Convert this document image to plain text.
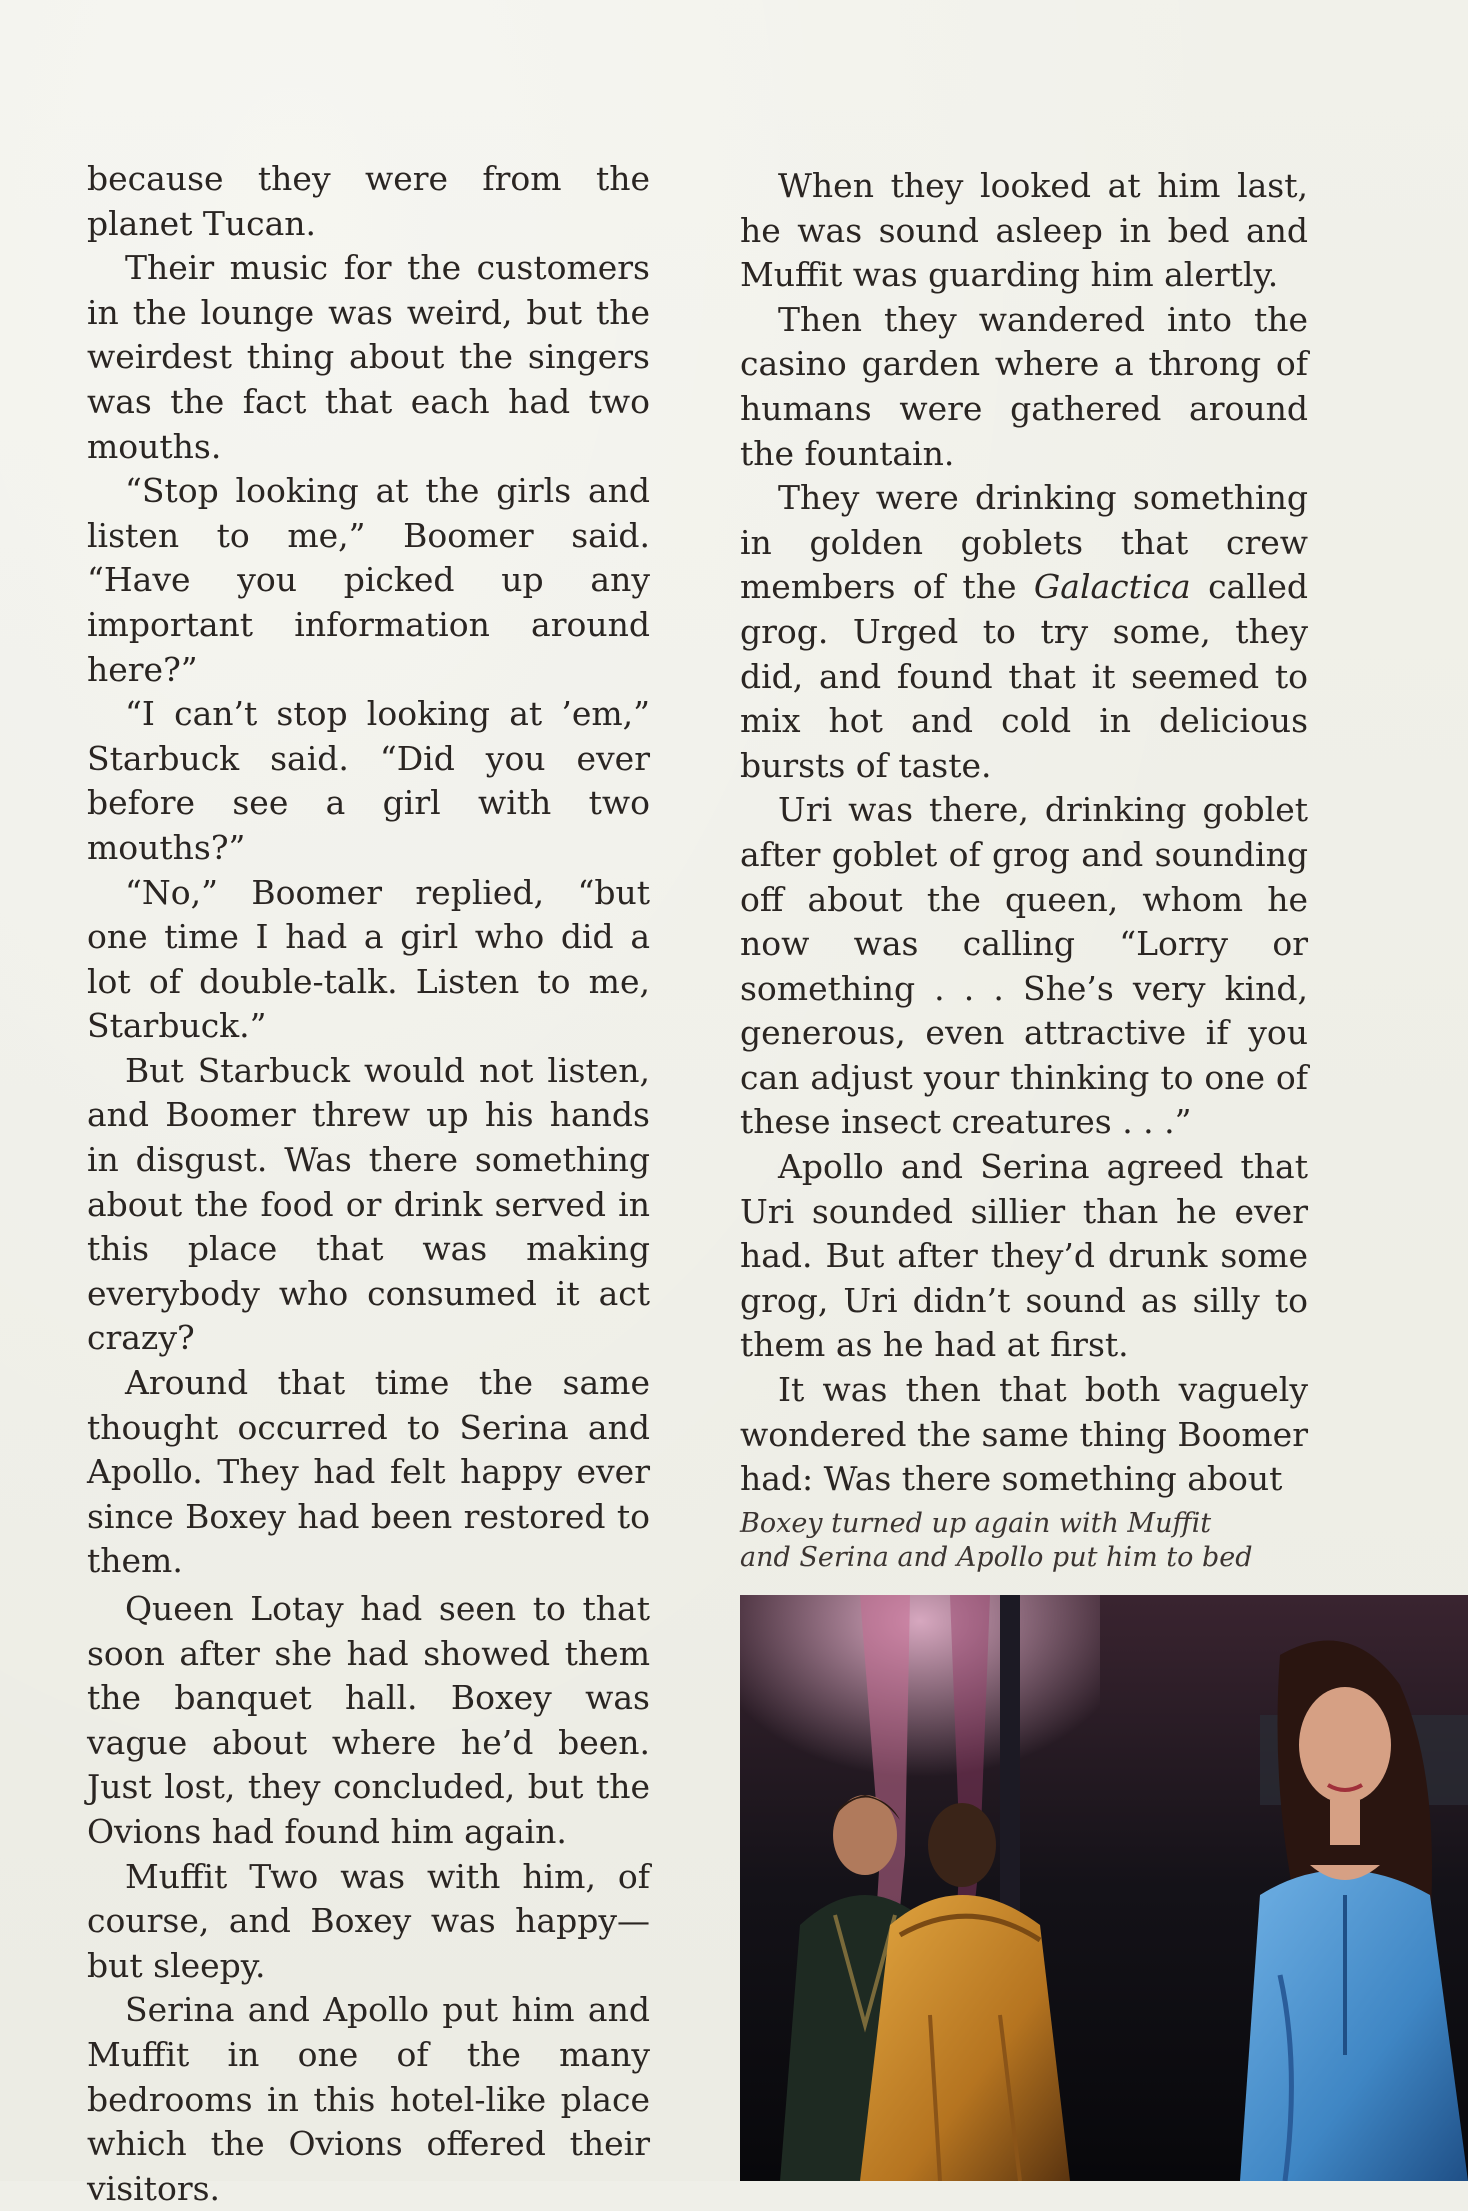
because they were from the planet Tucan.

Their music for the customers in the lounge was weird, but the weirdest thing about the singers was the fact that each had two mouths.

“Stop looking at the girls and listen to me,” Boomer said. “Have you picked up any important information around here?”

“I can’t stop looking at ’em,” Starbuck said. “Did you ever before see a girl with two mouths?”

“No,” Boomer replied, “but one time I had a girl who did a lot of double-talk. Listen to me, Starbuck.”

But Starbuck would not listen, and Boomer threw up his hands in disgust. Was there something about the food or drink served in this place that was making everybody who consumed it act crazy?

Around that time the same thought occurred to Serina and Apollo. They had felt happy ever since Boxey had been restored to them.

Queen Lotay had seen to that soon after she had showed them the banquet hall. Boxey was vague about where he’d been. Just lost, they concluded, but the Ovions had found him again.

Muffit Two was with him, of course, and Boxey was happy—but sleepy.

Serina and Apollo put him and Muffit in one of the many bedrooms in this hotel-like place which the Ovions offered their visitors.

When they looked at him last, he was sound asleep in bed and Muffit was guarding him alertly.

Then they wandered into the casino garden where a throng of humans were gathered around the fountain.

They were drinking something in golden goblets that crew members of the Galactica called grog. Urged to try some, they did, and found that it seemed to mix hot and cold in delicious bursts of taste.

Uri was there, drinking goblet after goblet of grog and sounding off about the queen, whom he now was calling “Lorry or something . . . She’s very kind, generous, even attractive if you can adjust your thinking to one of these insect creatures . . .”

Apollo and Serina agreed that Uri sounded sillier than he ever had. But after they’d drunk some grog, Uri didn’t sound as silly to them as he had at first.

It was then that both vaguely wondered the same thing Boomer had: Was there something about

Boxey turned up again with Muffit
and Serina and Apollo put him to bed
